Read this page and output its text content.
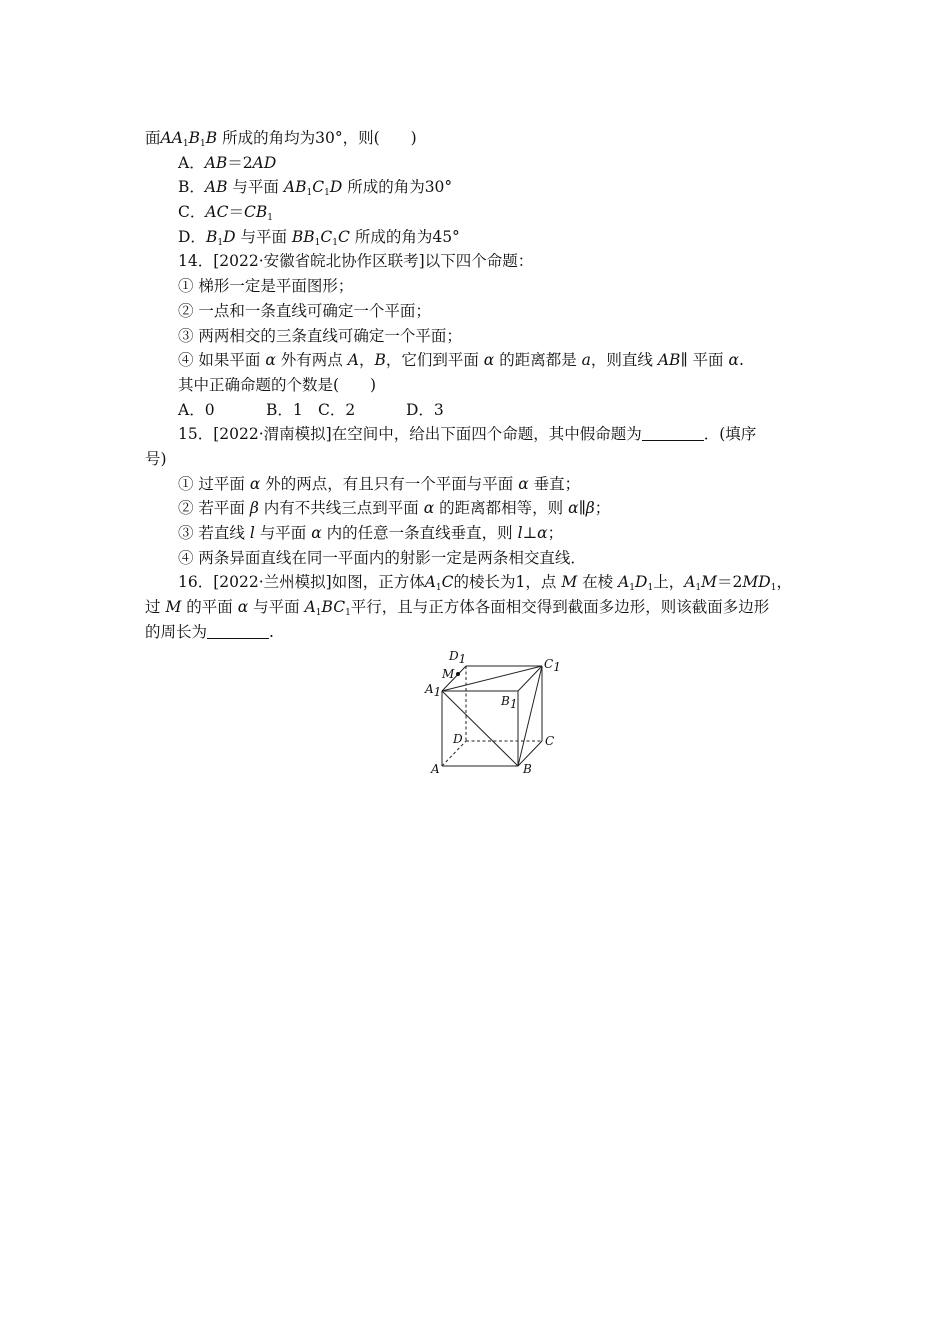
面$AA_1B_1B$ 所成的角均为30°，则(　　)
A．AB＝2AD
B．AB 与平面 $AB_1C_1D$ 所成的角为30°
C．$AC=CB_1$
D．$B_1D$ 与平面 $BB_1C_1C$ 所成的角为45°
14．[2022·安徽省皖北协作区联考]以下四个命题：
① 梯形一定是平面图形；
② 一点和一条直线可确定一个平面；
③ 两两相交的三条直线可确定一个平面；
④ 如果平面 α 外有两点 A，B，它们到平面 α 的距离都是 a，则直线 AB∥ 平面 α.
其中正确命题的个数是(　　)
A．0	B．1 C．2	D．3
15．[2022·渭南模拟]在空间中，给出下面四个命题，其中假命题为	．(填序
号)
① 过平面 α 外的两点，有且只有一个平面与平面 α 垂直；
② 若平面 β 内有不共线三点到平面 α 的距离都相等，则 α∥β；
③ 若直线 l 与平面 α 内的任意一条直线垂直，则 l⊥α；
④ 两条异面直线在同一平面内的射影一定是两条相交直线．
16．[2022·兰州模拟]如图，正方体$A_1C$的棱长为1，点 M 在棱 $A_1D_1$上，$A_1M=2MD_1$，
过 M 的平面 α 与平面 $A_1BC_1$平行，且与正方体各面相交得到截面多边形，则该截面多边形
的周长为	.
D1	C1
M
A1
B1
D	C
A	B
